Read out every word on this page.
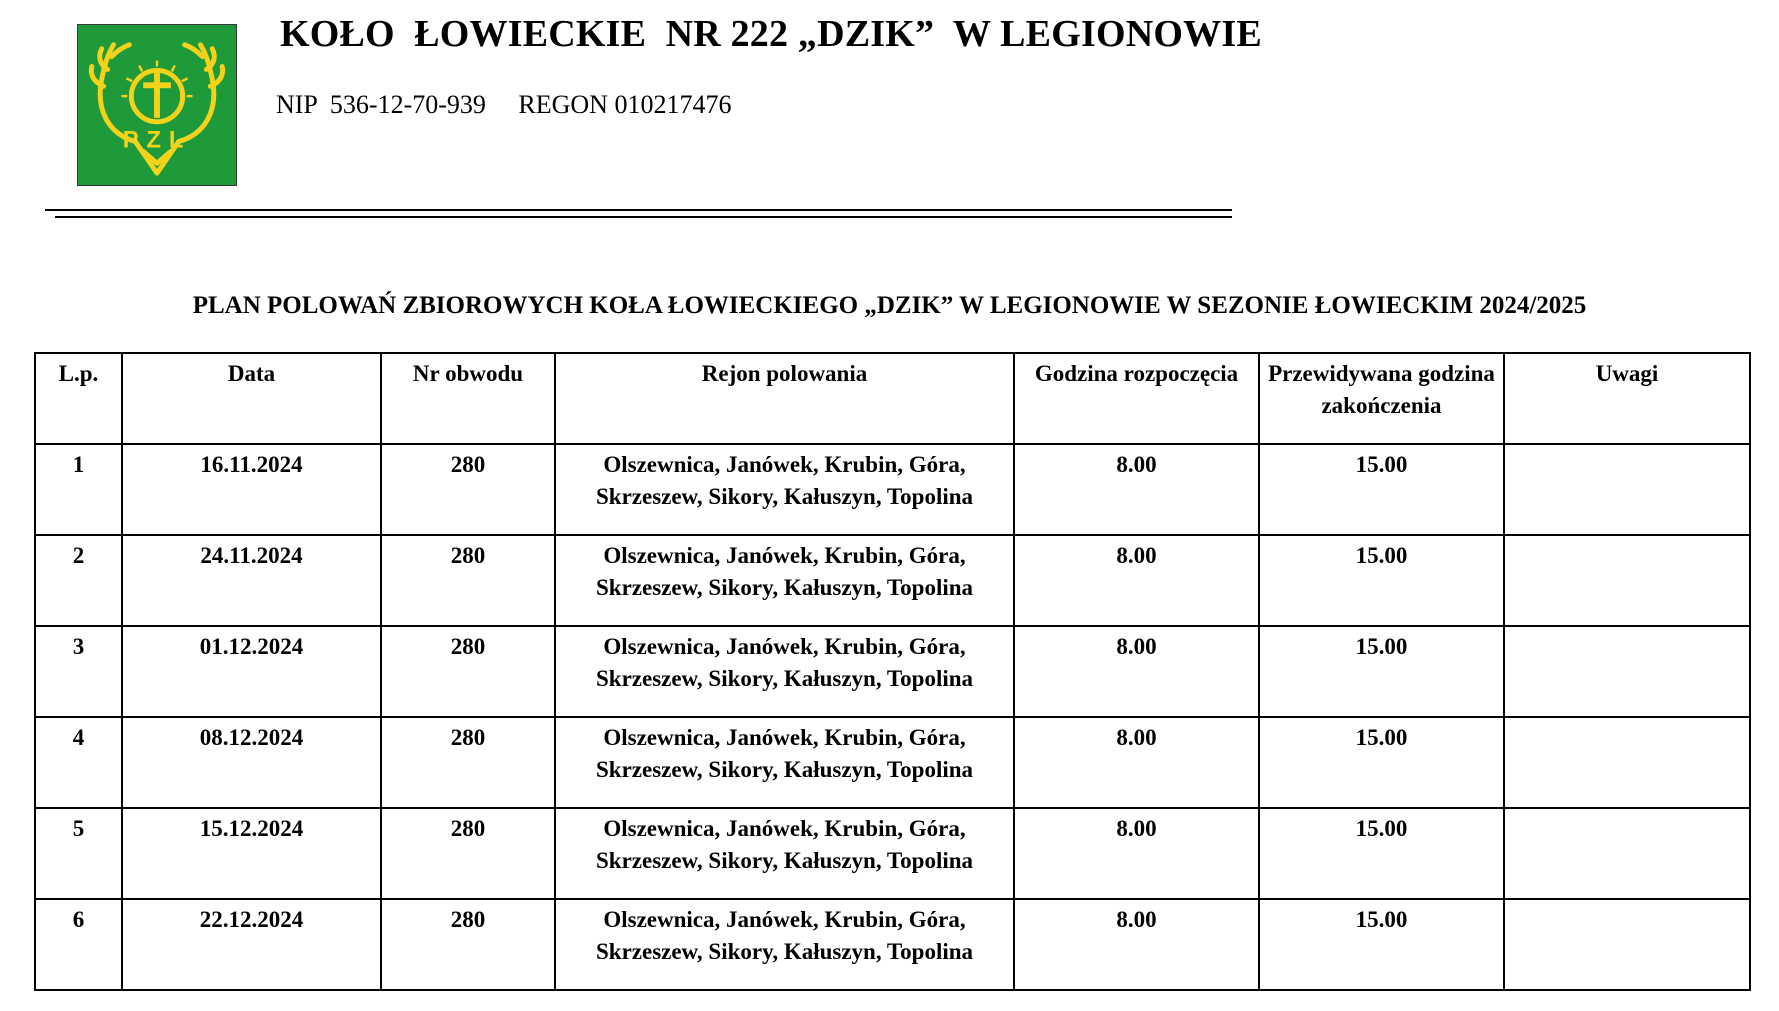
PZL
KOŁO  ŁOWIECKIE  NR 222 „DZIK”  W LEGIONOWIE
NIP  536-12-70-939     REGON 010217476
PLAN POLOWAŃ ZBIOROWYCH KOŁA ŁOWIECKIEGO „DZIK” W LEGIONOWIE W SEZONIE ŁOWIECKIM 2024/2025
L.p.	Data	Nr obwodu	Rejon polowania	Godzina rozpoczęcia	Przewidywana godzina zakończenia	Uwagi
1	16.11.2024	280	Olszewnica, Janówek, Krubin, Góra, Skrzeszew, Sikory, Kałuszyn, Topolina	8.00	15.00	
2	24.11.2024	280	Olszewnica, Janówek, Krubin, Góra, Skrzeszew, Sikory, Kałuszyn, Topolina	8.00	15.00	
3	01.12.2024	280	Olszewnica, Janówek, Krubin, Góra, Skrzeszew, Sikory, Kałuszyn, Topolina	8.00	15.00	
4	08.12.2024	280	Olszewnica, Janówek, Krubin, Góra, Skrzeszew, Sikory, Kałuszyn, Topolina	8.00	15.00	
5	15.12.2024	280	Olszewnica, Janówek, Krubin, Góra, Skrzeszew, Sikory, Kałuszyn, Topolina	8.00	15.00	
6	22.12.2024	280	Olszewnica, Janówek, Krubin, Góra, Skrzeszew, Sikory, Kałuszyn, Topolina	8.00	15.00	
